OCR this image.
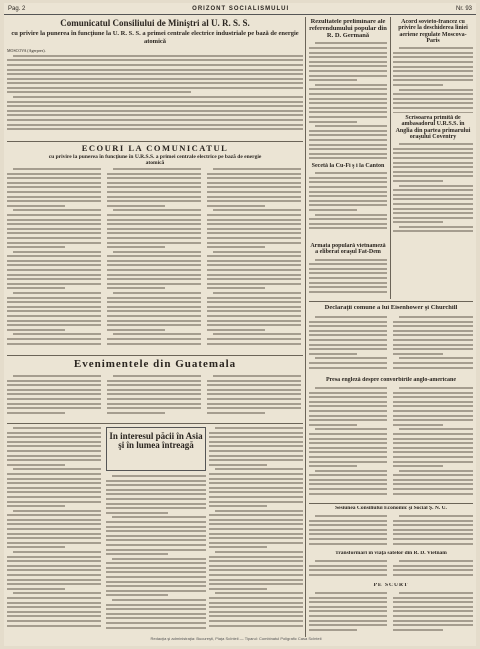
Pag. 2	ORIZONT SOCIALISMULUI	Nr. 93
Comunicatul Consiliului de Miniştri al U. R. S. S.
cu privire la punerea în funcţiune la U. R. S. S. a primei centrale electrice industriale pe bază de energie atomică
MOSCOVA (Agerpres).
ECOURI LA COMUNICATUL
cu privire la punerea în funcţiune în U.R.S.S. a primei centrale electrice pe bază de energie atomică
Evenimentele din Guatemala
In interesul păcii în Asia şi în lumea întreagă
Rezultatele preliminare ale referendumului popular din R. D. Germană
Secetă la Cu-Fi ş i la Canton
Armata populară vietnameză a eliberat oraşul Fat-Dem
Acord sovieto-francez cu privire la deschiderea liniei aeriene regulate Moscova-Paris
Scrisoarea primită de ambasadorul U.R.S.S. în Anglia din partea primarului oraşului Coventry
Declaraţii comune a lui Eisenhower şi Churchill
Presa engleză despre convorbirile anglo-americane
Sesiunea Consiliului Economic şi Social Ş. N. U.
Transformări în viaţa satelor din R. D. Vietnam
PE SCURT
Redacţia şi administraţia: Bucureşti, Piaţa Scînteii — Tiparul: Combinatul Poligrafic Casa Scînteii
